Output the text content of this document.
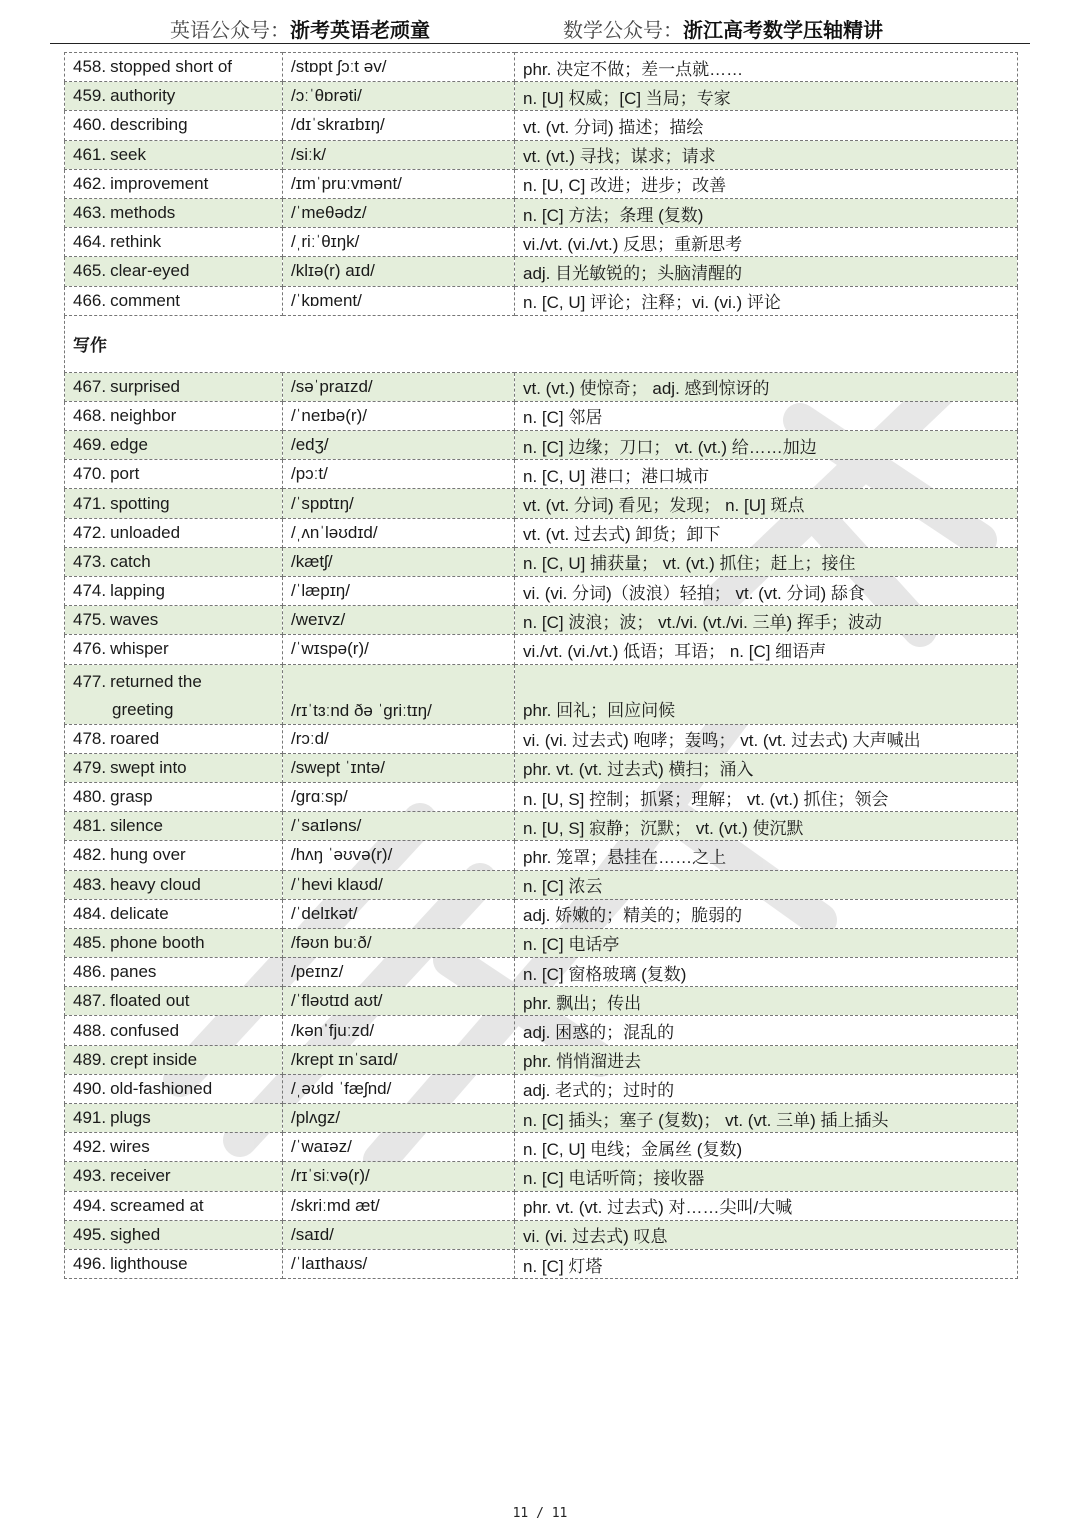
英语公众号：浙考英语老顽童	数学公众号：浙江高考数学压轴精讲
458. stopped short of	/stɒpt ʃɔːt əv/	phr. 决定不做；差一点就……
459. authority	/ɔːˈθɒrəti/	n. [U] 权威；[C] 当局；专家
460. describing	/dɪˈskraɪbɪŋ/	vt. (vt. 分词) 描述；描绘
461. seek	/siːk/	vt. (vt.) 寻找；谋求；请求
462. improvement	/ɪmˈpruːvmənt/	n. [U, C] 改进；进步；改善
463. methods	/ˈmeθədz/	n. [C] 方法；条理 (复数)
464. rethink	/ˌriːˈθɪŋk/	vi./vt. (vi./vt.) 反思；重新思考
465. clear-eyed	/klɪə(r) aɪd/	adj. 目光敏锐的；头脑清醒的
466. comment	/ˈkɒment/	n. [C, U] 评论；注释；vi. (vi.) 评论
写作		
467. surprised	/səˈpraɪzd/	vt. (vt.) 使惊奇； adj. 感到惊讶的
468. neighbor	/ˈneɪbə(r)/	n. [C] 邻居
469. edge	/edʒ/	n. [C] 边缘；刀口； vt. (vt.) 给……加边
470. port	/pɔːt/	n. [C, U] 港口；港口城市
471. spotting	/ˈspɒtɪŋ/	vt. (vt. 分词) 看见；发现； n. [U] 斑点
472. unloaded	/ˌʌnˈləʊdɪd/	vt. (vt. 过去式) 卸货；卸下
473. catch	/kætʃ/	n. [C, U] 捕获量； vt. (vt.) 抓住；赶上；接住
474. lapping	/ˈlæpɪŋ/	vi. (vi. 分词)（波浪）轻拍； vt. (vt. 分词) 舔食
475. waves	/weɪvz/	n. [C] 波浪；波； vt./vi. (vt./vi. 三单) 挥手；波动
476. whisper	/ˈwɪspə(r)/	vi./vt. (vi./vt.) 低语；耳语； n. [C] 细语声
477. returned the
greeting	/rɪˈtɜːnd ðə ˈɡriːtɪŋ/	phr. 回礼；回应问候
478. roared	/rɔːd/	vi. (vi. 过去式) 咆哮；轰鸣； vt. (vt. 过去式) 大声喊出
479. swept into	/swept ˈɪntə/	phr. vt. (vt. 过去式) 横扫；涌入
480. grasp	/ɡrɑːsp/	n. [U, S] 控制；抓紧；理解； vt. (vt.) 抓住；领会
481. silence	/ˈsaɪləns/	n. [U, S] 寂静；沉默； vt. (vt.) 使沉默
482. hung over	/hʌŋ ˈəʊvə(r)/	phr. 笼罩；悬挂在……之上
483. heavy cloud	/ˈhevi klaʊd/	n. [C] 浓云
484. delicate	/ˈdelɪkət/	adj. 娇嫩的；精美的；脆弱的
485. phone booth	/fəʊn buːð/	n. [C] 电话亭
486. panes	/peɪnz/	n. [C] 窗格玻璃 (复数)
487. floated out	/ˈfləʊtɪd aʊt/	phr. 飘出；传出
488. confused	/kənˈfjuːzd/	adj. 困惑的；混乱的
489. crept inside	/krept ɪnˈsaɪd/	phr. 悄悄溜进去
490. old-fashioned	/ˌəʊld ˈfæʃnd/	adj. 老式的；过时的
491. plugs	/plʌɡz/	n. [C] 插头；塞子 (复数)； vt. (vt. 三单) 插上插头
492. wires	/ˈwaɪəz/	n. [C, U] 电线；金属丝 (复数)
493. receiver	/rɪˈsiːvə(r)/	n. [C] 电话听筒；接收器
494. screamed at	/skriːmd æt/	phr. vt. (vt. 过去式) 对……尖叫/大喊
495. sighed	/saɪd/	vi. (vi. 过去式) 叹息
496. lighthouse	/ˈlaɪthaʊs/	n. [C] 灯塔
11 / 11
